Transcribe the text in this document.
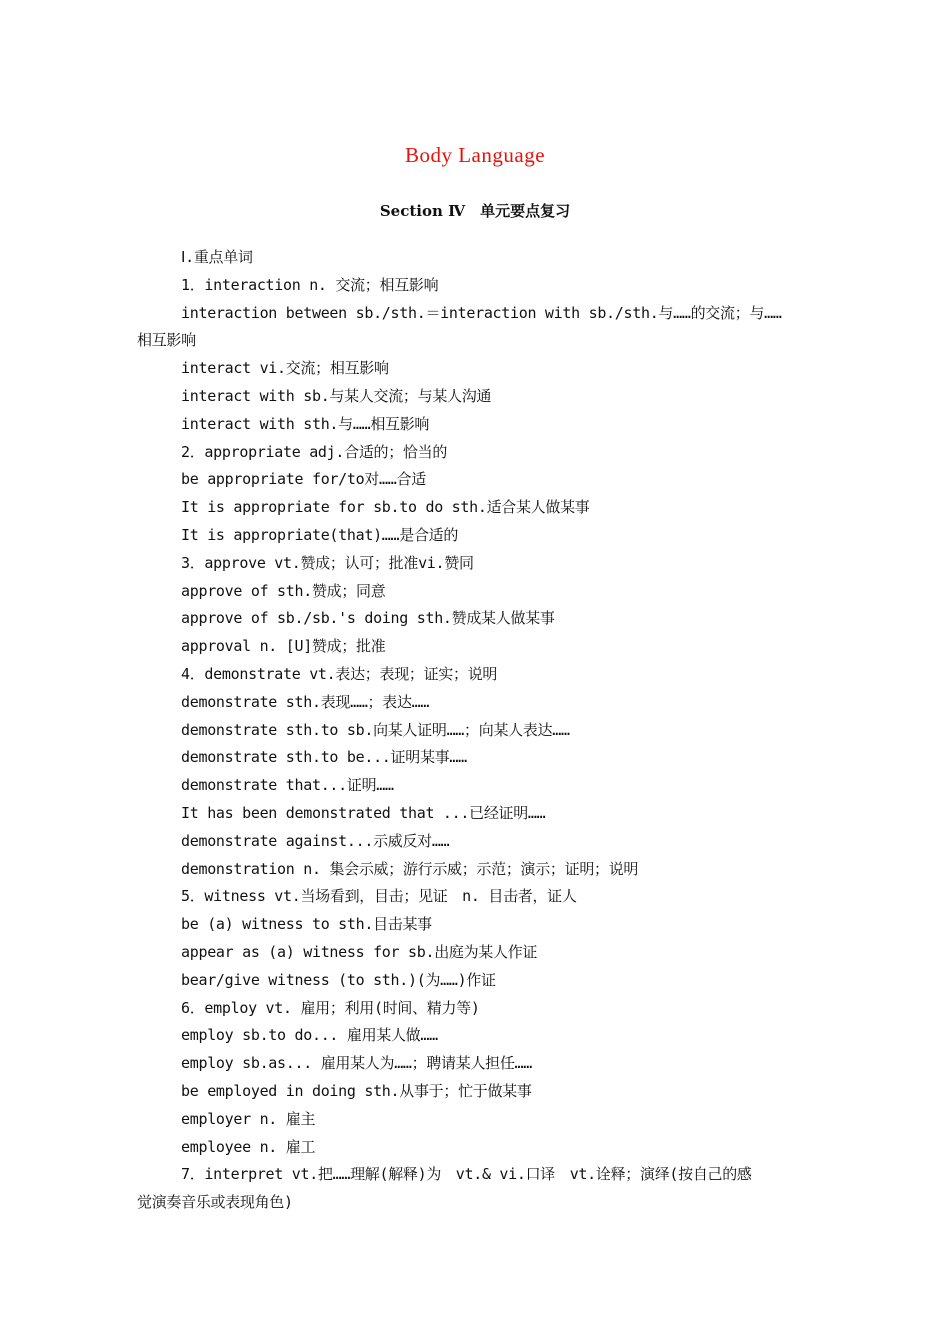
Body Language
Section Ⅳ　单元要点复习
Ⅰ.重点单词
1．interaction n. 交流；相互影响
interaction between sb./sth.＝interaction with sb./sth.与……的交流；与……
相互影响
interact vi.交流；相互影响
interact with sb.与某人交流；与某人沟通
interact with sth.与……相互影响
2．appropriate adj.合适的；恰当的
be appropriate for/to对……合适
It is appropriate for sb.to do sth.适合某人做某事
It is appropriate(that)……是合适的
3．approve vt.赞成；认可；批准vi.赞同
approve of sth.赞成；同意
approve of sb./sb.'s doing sth.赞成某人做某事
approval n. [U]赞成；批准
4．demonstrate vt.表达；表现；证实；说明
demonstrate sth.表现……；表达……
demonstrate sth.to sb.向某人证明……；向某人表达……
demonstrate sth.to be...证明某事……
demonstrate that...证明……
It has been demonstrated that ...已经证明……
demonstrate against...示威反对……
demonstration n. 集会示威；游行示威；示范；演示；证明；说明
5．witness vt.当场看到，目击；见证　n. 目击者，证人
be (a) witness to sth.目击某事
appear as (a) witness for sb.出庭为某人作证
bear/give witness (to sth.)(为……)作证
6．employ vt. 雇用；利用(时间、精力等)
employ sb.to do... 雇用某人做……
employ sb.as... 雇用某人为……；聘请某人担任……
be employed in doing sth.从事于；忙于做某事
employer n. 雇主
employee n. 雇工
7．interpret vt.把……理解(解释)为　vt.& vi.口译　vt.诠释；演绎(按自己的感
觉演奏音乐或表现角色)
